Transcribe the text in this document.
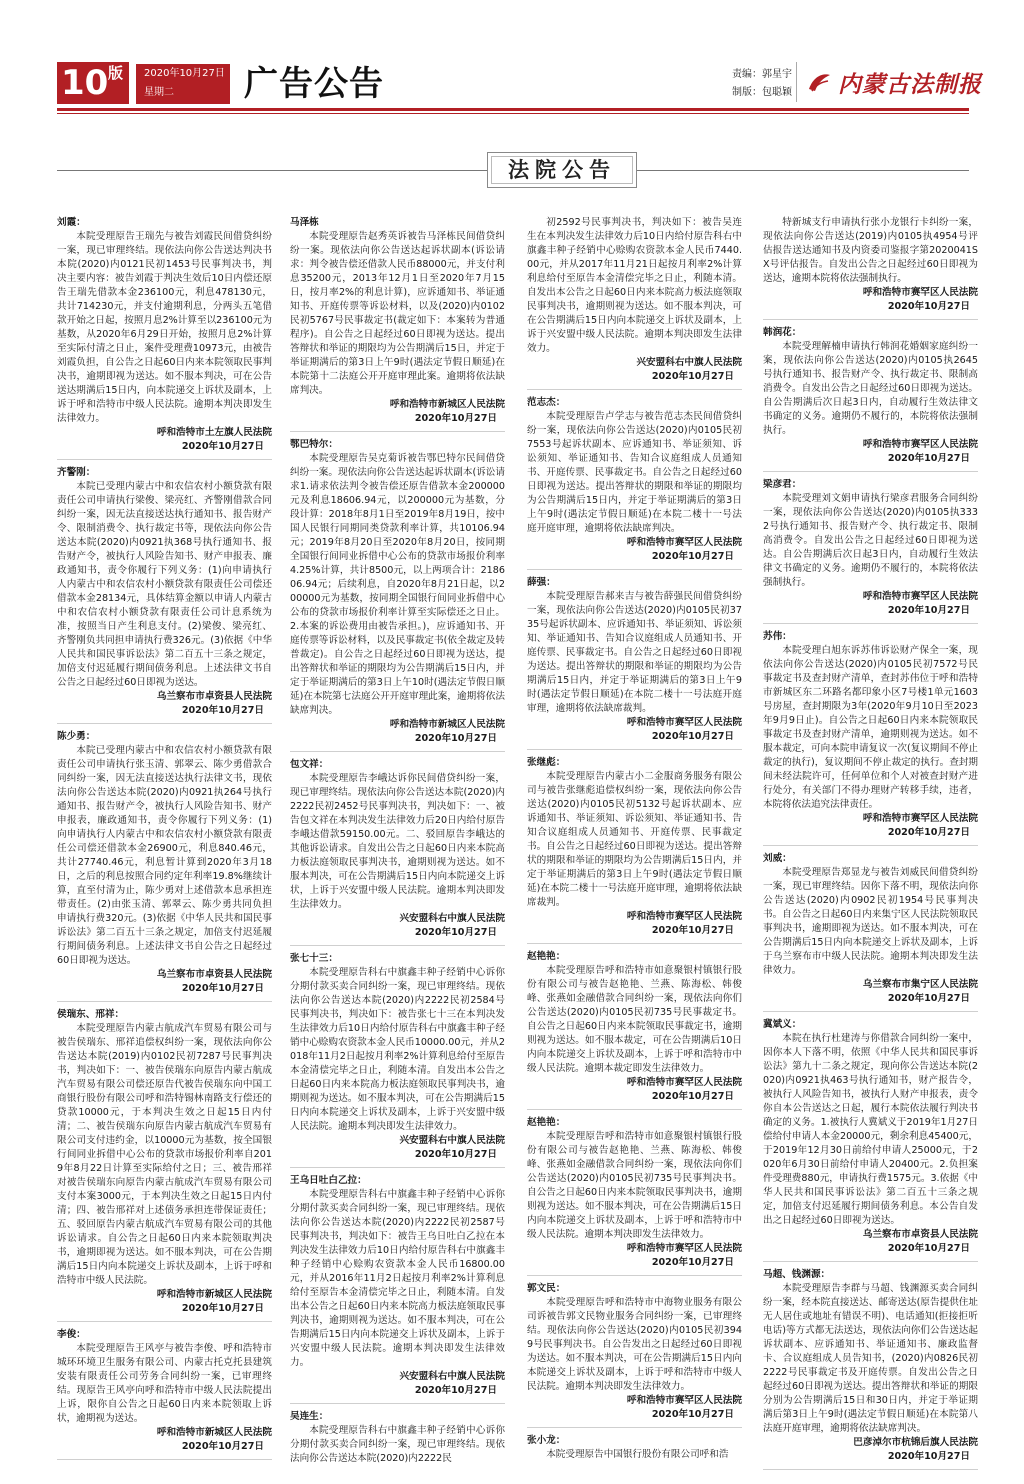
10 版 2020年10月27日
星期二	广告公告	责编：郭星宇
制版：包聪颖 内蒙古法制报
法院公告
刘霞：
本院受理原告王瑞先与被告刘霞民间借贷纠纷一案，现已审理终结。现依法向你公告送达判决书本院(2020)内0121民初1453号民事判决书，判决主要内容：被告刘霞于判决生效后10日内偿还原告王瑞先借款本金236100元，利息478130元，共计714230元，并支付逾期利息，分两头五笔借款开始之日起，按照月息2%计算至以236100元为基数，从2020年6月29日开始，按照月息2%计算至实际付清之日止，案件受理费10973元，由被告刘霞负担，自公告之日起60日内来本院领取民事判决书，逾期即视为送达。如不服本判决，可在公告送达期满后15日内，向本院递交上诉状及副本，上诉于呼和浩特市中级人民法院。逾期本判决即发生法律效力。
呼和浩特市土左旗人民法院
2020年10月27日
齐警刚：
本院已受理内蒙古中和农信农村小额贷款有限责任公司申请执行梁俊、梁亮红、齐警刚借款合同纠纷一案，因无法直接送达执行通知书、报告财产令、限制消费令、执行裁定书等，现依法向你公告送达本院(2020)内0921执368号执行通知书、报告财产令，被执行人风险告知书、财产申报表、廉政通知书，责令你履行下列义务：(1)向申请执行人内蒙古中和农信农村小额贷款有限责任公司偿还借款本金28134元，具体结算金额以申请人内蒙古中和农信农村小额贷款有限责任公司计息系统为准，按照当日产生利息支付。(2)梁俊、梁亮红、齐警刚负共同担申请执行费326元。(3)依据《中华人民共和国民事诉讼法》第二百五十三条之规定，加倍支付迟延履行期间债务利息。上述法律文书自公告之日起经过60日即视为送达。
乌兰察布市卓资县人民法院
2020年10月27日
陈少勇：
本院已受理内蒙古中和农信农村小额贷款有限责任公司申请执行张玉清、郭翠云、陈少勇借款合同纠纷一案，因无法直接送达执行法律文书，现依法向你公告送达本院(2020)内0921执264号执行通知书、报告财产令，被执行人风险告知书、财产申报表，廉政通知书，责令你履行下列义务：(1)向申请执行人内蒙古中和农信农村小额贷款有限责任公司偿还借款本金26900元，利息840.46元，共计27740.46元，利息暂计算到2020年3月18日，之后的利息按照合同约定年利率19.8%继续计算，直至付清为止，陈少勇对上述借款本息承担连带责任。(2)由张玉清、郭翠云、陈少勇共同负担申请执行费320元。(3)依据《中华人民共和国民事诉讼法》第二百五十三条之规定，加倍支付迟延履行期间债务利息。上述法律文书自公告之日起经过60日即视为送达。
乌兰察布市卓资县人民法院
2020年10月27日
侯瑞东、邢祥：
本院受理原告内蒙古航成汽车贸易有限公司与被告侯瑞东、邢祥追偿权纠纷一案，现依法向你公告送达本院(2019)内0102民初7287号民事判决书，判决如下：一、被告侯瑞东向原告内蒙古航成汽车贸易有限公司偿还原告代被告侯瑞东向中国工商银行股份有限公司呼和浩特锡林南路支行偿还的贷款10000元，于本判决生效之日起15日内付清；二、被告侯瑞东向原告内蒙古航成汽车贸易有限公司支付违约金，以10000元为基数，按全国银行间同业拆借中心公布的贷款市场报价利率自2019年8月22日计算至实际给付之日；三、被告邢祥对被告侯瑞东向原告内蒙古航成汽车贸易有限公司支付本案3000元，于本判决生效之日起15日内付清；四、被告邢祥对上述债务承担连带保证责任；五、驳回原告内蒙古航成汽车贸易有限公司的其他诉讼请求。自公告之日起60日内来本院领取判决书，逾期即视为送达。如不服本判决，可在公告期满后15日内向本院递交上诉状及副本，上诉于呼和浩特市中级人民法院。
呼和浩特市新城区人民法院
2020年10月27日
李俊：
本院受理原告王风亭与被告李俊、呼和浩特市城环环境卫生服务有限公司、内蒙古托克托县建筑安装有限责任公司劳务合同纠纷一案，已审理终结。现原告王风亭向呼和浩特市中级人民法院提出上诉，限你自公告之日起60日内来本院领取上诉状，逾期视为送达。
呼和浩特市新城区人民法院
2020年10月27日
马泽栋
本院受理原告赵秀英诉被告马泽栋民间借贷纠纷一案。现依法向你公告送达起诉状副本(诉讼请求：判令被告偿还借款人民币88000元，并支付利息35200元，2013年12月1日至2020年7月15日，按月率2%的利息计算)，应诉通知书、举证通知书、开庭传票等诉讼材料，以及(2020)内0102民初5767号民事裁定书(裁定如下：本案转为普通程序)。自公告之日起经过60日即视为送达。提出答辩状和举证的期限均为公告期满后15日，并定于举证期满后的第3日上午9时(遇法定节假日顺延)在本院第十二法庭公开开庭审理此案。逾期将依法缺席判决。
呼和浩特市新城区人民法院
2020年10月27日
鄂巴特尔：
本院受理原告吴克菊诉被告鄂巴特尔民间借贷纠纷一案。现依法向你公告送达起诉状副本(诉讼请求1.请求依法判令被告偿还原告借款本金200000元及利息18606.94元，以200000元为基数，分段计算：2018年8月1日至2019年8月19日，按中国人民银行同期同类贷款利率计算，共10106.94元；2019年8月20日至2020年8月20日，按同期全国银行间同业拆借中心公布的贷款市场报价利率4.25%计算，共计8500元，以上两项合计：218606.94元；后续利息，自2020年8月21日起，以200000元为基数，按同期全国银行间同业拆借中心公布的贷款市场报价利率计算至实际偿还之日止。2.本案的诉讼费用由被告承担。)，应诉通知书、开庭传票等诉讼材料，以及民事裁定书(依全裁定及转普裁定)。自公告之日起经过60日即视为送达，提出答辩状和举证的期限均为公告期满后15日内，并定于举证期满后的第3日上午10时(遇法定节假日顺延)在本院第七法庭公开开庭审理此案，逾期将依法缺席判决。
呼和浩特市新城区人民法院
2020年10月27日
包文祥：
本院受理原告李峨达诉你民间借贷纠纷一案，现已审理终结。现依法向你公告送达本院(2020)内2222民初2452号民事判决书，判决如下：一、被告包文祥在本判决发生法律效力后20日内给付原告李峨达借款59150.00元。二、驳回原告李峨达的其他诉讼请求。自发出公告之日起60日内来本院高力板法庭领取民事判决书，逾期则视为送达。如不服本判决，可在公告期满后15日内向本院递交上诉状，上诉于兴安盟中级人民法院。逾期本判决即发生法律效力。
兴安盟科右中旗人民法院
2020年10月27日
张七十三：
本院受理原告科右中旗鑫丰种子经销中心诉你分期付款买卖合同纠纷一案，现已审理终结。现依法向你公告送达本院(2020)内2222民初2584号民事判决书，判决如下：被告张七十三在本判决发生法律效力后10日内给付原告科右中旗鑫丰种子经销中心赊购农资款本金人民币10000.00元，并从2018年11月2日起按月利率2%计算利息给付至原告本金清偿完毕之日止，利随本清。自发出本公告之日起60日内来本院高力板法庭领取民事判决书，逾期则视为送达。如不服本判决，可在公告期满后15日内向本院递交上诉状及副本，上诉于兴安盟中级人民法院。逾期本判决即发生法律效力。
兴安盟科右中旗人民法院
2020年10月27日
王乌日吐白乙拉：
本院受理原告科右中旗鑫丰种子经销中心诉你分期付款买卖合同纠纷一案，现已审理终结。现依法向你公告送达本院(2020)内2222民初2587号民事判决书，判决如下：被告王乌日吐白乙拉在本判决发生法律效力后10日内给付原告科右中旗鑫丰种子经销中心赊购农资款本金人民币16800.00元，并从2016年11月2日起按月利率2%计算利息给付至原告本金清偿完毕之日止，利随本清。自发出本公告之日起60日内来本院高力板法庭领取民事判决书，逾期则视为送达。如不服本判决，可在公告期满后15日内向本院递交上诉状及副本，上诉于兴安盟中级人民法院。逾期本判决即发生法律效力。
兴安盟科右中旗人民法院
2020年10月27日
吴连生：
本院受理原告科右中旗鑫丰种子经销中心诉你分期付款买卖合同纠纷一案，现已审理终结。现依法向你公告送达本院(2020)内2222民
初2592号民事判决书，判决如下：被告吴连生在本判决发生法律效力后10日内给付原告科右中旗鑫丰种子经销中心赊购农资款本金人民币7440.00元，并从2017年11月21日起按月利率2%计算利息给付至原告本金清偿完毕之日止，利随本清。自发出本公告之日起60日内来本院高力板法庭领取民事判决书，逾期则视为送达。如不服本判决，可在公告期满后15日内向本院递交上诉状及副本，上诉于兴安盟中级人民法院。逾期本判决即发生法律效力。
兴安盟科右中旗人民法院
2020年10月27日
范志杰：
本院受理原告卢学志与被告范志杰民间借贷纠纷一案，现依法向你公告送达(2020)内0105民初7553号起诉状副本、应诉通知书、举证须知、诉讼须知、举证通知书、告知合议庭组成人员通知书、开庭传票、民事裁定书。自公告之日起经过60日即视为送达。提出答辩状的期限和举证的期限均为公告期满后15日内，并定于举证期满后的第3日上午9时(遇法定节假日顺延)在本院二楼十一号法庭开庭审理，逾期将依法缺席判决。
呼和浩特市赛罕区人民法院
2020年10月27日
薛强：
本院受理原告郝来吉与被告薛强民间借贷纠纷一案，现依法向你公告送达(2020)内0105民初3735号起诉状副本、应诉通知书、举证须知、诉讼须知、举证通知书、告知合议庭组成人员通知书、开庭传票、民事裁定书。自公告之日起经过60日即视为送达。提出答辩状的期限和举证的期限均为公告期满后15日内，并定于举证期满后的第3日上午9时(遇法定节假日顺延)在本院二楼十一号法庭开庭审理，逾期将依法缺席裁判。
呼和浩特市赛罕区人民法院
2020年10月27日
张继彪：
本院受理原告内蒙古小二金服商务服务有限公司与被告张继彪追偿权纠纷一案，现依法向你公告送达(2020)内0105民初5132号起诉状副本、应诉通知书、举证须知、诉讼须知、举证通知书、告知合议庭组成人员通知书、开庭传票、民事裁定书。自公告之日起经过60日即视为送达。提出答辩状的期限和举证的期限均为公告期满后15日内，并定于举证期满后的第3日上午9时(遇法定节假日顺延)在本院二楼十一号法庭开庭审理，逾期将依法缺席裁判。
呼和浩特市赛罕区人民法院
2020年10月27日
赵艳艳：
本院受理原告呼和浩特市如意聚银村镇银行股份有限公司与被告赵艳艳、兰燕、陈海松、韩俊峰、张燕如金融借款合同纠纷一案，现依法向你们公告送达(2020)内0105民初735号民事裁定书。自公告之日起60日内来本院领取民事裁定书，逾期则视为送达。如不服本裁定，可在公告期满后10日内向本院递交上诉状及副本，上诉于呼和浩特市中级人民法院。逾期本裁定即发生法律效力。
呼和浩特市赛罕区人民法院
2020年10月27日
赵艳艳：
本院受理原告呼和浩特市如意聚银村镇银行股份有限公司与被告赵艳艳、兰燕、陈海松、韩俊峰、张燕如金融借款合同纠纷一案，现依法向你们公告送达(2020)内0105民初735号民事判决书。自公告之日起60日内来本院领取民事判决书，逾期则视为送达。如不服本判决，可在公告期满后15日内向本院递交上诉状及副本，上诉于呼和浩特市中级人民法院。逾期本判决即发生法律效力。
呼和浩特市赛罕区人民法院
2020年10月27日
郭文民：
本院受理原告呼和浩特市中海物业服务有限公司诉被告郭文民物业服务合同纠纷一案，已审理终结。现依法向你公告送达(2020)内0105民初3949号民事判决书。自公告发出之日起经过60日即视为送达。如不服本判决，可在公告期满后15日内向本院递交上诉状及副本，上诉于呼和浩特市中级人民法院。逾期本判决即发生法律效力。
呼和浩特市赛罕区人民法院
2020年10月27日
张小龙：
本院受理原告中国银行股份有限公司呼和浩
特新城支行申请执行张小龙银行卡纠纷一案，现依法向你公告送达(2019)内0105执4954号评估报告送达通知书及内资委司鉴报字第2020041SX号评估报告。自发出公告之日起经过60日即视为送达，逾期本院将依法强制执行。
呼和浩特市赛罕区人民法院
2020年10月27日
韩润花：
本院受理解楠申请执行韩润花婚姻家庭纠纷一案，现依法向你公告送达(2020)内0105执2645号执行通知书、报告财产令、执行裁定书、限制高消费令。自发出公告之日起经过60日即视为送达。自公告期满后次日起3日内，自动履行生效法律文书确定的义务。逾期仍不履行的，本院将依法强制执行。
呼和浩特市赛罕区人民法院
2020年10月27日
梁彦君：
本院受理刘文娟申请执行梁彦君服务合同纠纷一案，现依法向你公告送达(2020)内0105执3332号执行通知书、报告财产令、执行裁定书、限制高消费令。自发出公告之日起经过60日即视为送达。自公告期满后次日起3日内，自动履行生效法律文书确定的义务。逾期仍不履行的，本院将依法强制执行。
呼和浩特市赛罕区人民法院
2020年10月27日
苏伟：
本院受理白旭东诉苏伟诉讼财产保全一案，现依法向你公告送达(2020)内0105民初7572号民事裁定书及查封财产清单，查封苏伟位于呼和浩特市新城区东二环路名都印象小区7号楼1单元1603号房屋，查封期限为3年(2020年9月10日至2023年9月9日止)。自公告之日起60日内来本院领取民事裁定书及查封财产清单，逾期则视为送达。如不服本裁定，可向本院申请复议一次(复议期间不停止裁定的执行)，复议期间不停止裁定的执行。查封期间未经法院许可，任何单位和个人对被查封财产进行处分，有关部门不得办理财产转移手续，违者，本院将依法追究法律责任。
呼和浩特市赛罕区人民法院
2020年10月27日
刘威：
本院受理原告郑显龙与被告刘威民间借贷纠纷一案，现已审理终结。因你下落不明，现依法向你公告送达(2020)内0902民初1954号民事判决书。自公告之日起60日内来集宁区人民法院领取民事判决书，逾期即视为送达。如不服本判决，可在公告期满后15日内向本院递交上诉状及副本，上诉于乌兰察布市中级人民法院。逾期本判决即发生法律效力。
乌兰察布市集宁区人民法院
2020年10月27日
冀斌义：
本院在执行杜建涛与你借款合同纠纷一案中，因你本人下落不明，依照《中华人民共和国民事诉讼法》第九十二条之规定，现向你公告送达本院(2020)内0921执463号执行通知书，财产报告令，被执行人风险告知书，被执行人财产申报表，责令你自本公告送达之日起，履行本院依法履行判决书确定的义务。1.被执行人冀斌义于2019年1月27日偿给付申请人本金20000元，剩余利息45400元，于2019年12月30日前给付申请人25000元，于2020年6月30日前给付申请人20400元。2.负担案件受理费880元，申请执行费1575元。3.依据《中华人民共和国民事诉讼法》第二百五十三条之规定，加倍支付迟延履行期间债务利息。本公告自发出之日起经过60日即视为送达。
乌兰察布市卓资县人民法院
2020年10月27日
马超、钱渊源：
本院受理原告李群与马超、钱渊源买卖合同纠纷一案，经本院直接送达、邮寄送达(原告提供住址无人居住或地址有错误不明)、电话通知(拒接拒听电话)等方式都无法送达，现依法向你们公告送达起诉状副本、应诉通知书、举证通知书、廉政监督卡、合议庭组成人员告知书，(2020)内0826民初2222号民事裁定书及开庭传票。自发出公告之日起经过60日即视为送达。提出答辩状和举证的期限分别为公告期满后15日和30日内，并定于举证期满后第3日上午9时(遇法定节假日顺延)在本院第八法庭开庭审理，逾期将依法缺席判决。
巴彦淖尔市杭锦后旗人民法院
2020年10月27日
